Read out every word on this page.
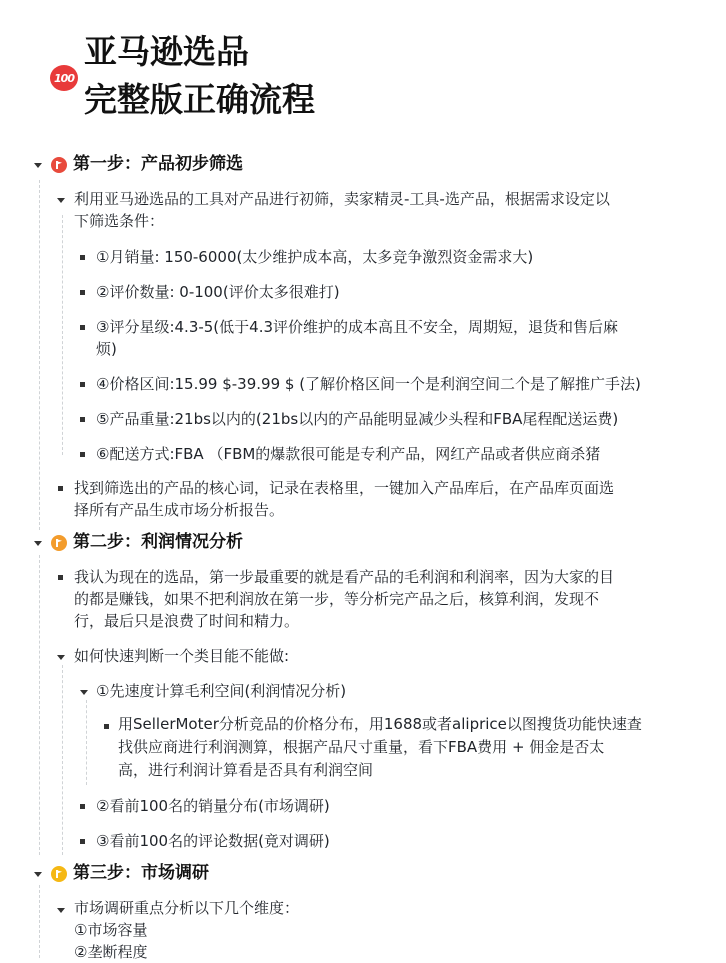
100
亚马逊选品
完整版正确流程
第一步：产品初步筛选
利用亚马逊选品的工具对产品进行初筛，卖家精灵-工具-选产品，根据需求设定以
下筛选条件：
①月销量: 150-6000(太少维护成本高，太多竞争激烈资金需求大)
②评价数量: 0-100(评价太多很难打)
③评分星级:4.3-5(低于4.3评价维护的成本高且不安全，周期短，退货和售后麻
烦)
④价格区间:15.99 $-39.99 $ (了解价格区间一个是利润空间二个是了解推广手法)
⑤产品重量:21bs以内的(21bs以内的产品能明显减少头程和FBA尾程配送运费)
⑥配送方式:FBA （FBM的爆款很可能是专利产品，网红产品或者供应商杀猪
找到筛选出的产品的核心词，记录在表格里，一键加入产品库后，在产品库页面选
择所有产品生成市场分析报告。
第二步：利润情况分析
我认为现在的选品，第一步最重要的就是看产品的毛利润和利润率，因为大家的目
的都是赚钱，如果不把利润放在第一步，等分析完产品之后，核算利润，发现不
行，最后只是浪费了时间和精力。
如何快速判断一个类目能不能做:
①先速度计算毛利空间(利润情况分析)
用SellerMoter分析竞品的价格分布，用1688或者aliprice以图搜货功能快速查
找供应商进行利润测算，根据产品尺寸重量，看下FBA费用 + 佣金是否太
高，进行利润计算看是否具有利润空间
②看前100名的销量分布(市场调研)
③看前100名的评论数据(竟对调研)
第三步：市场调研
市场调研重点分析以下几个维度：
①市场容量
②垄断程度
